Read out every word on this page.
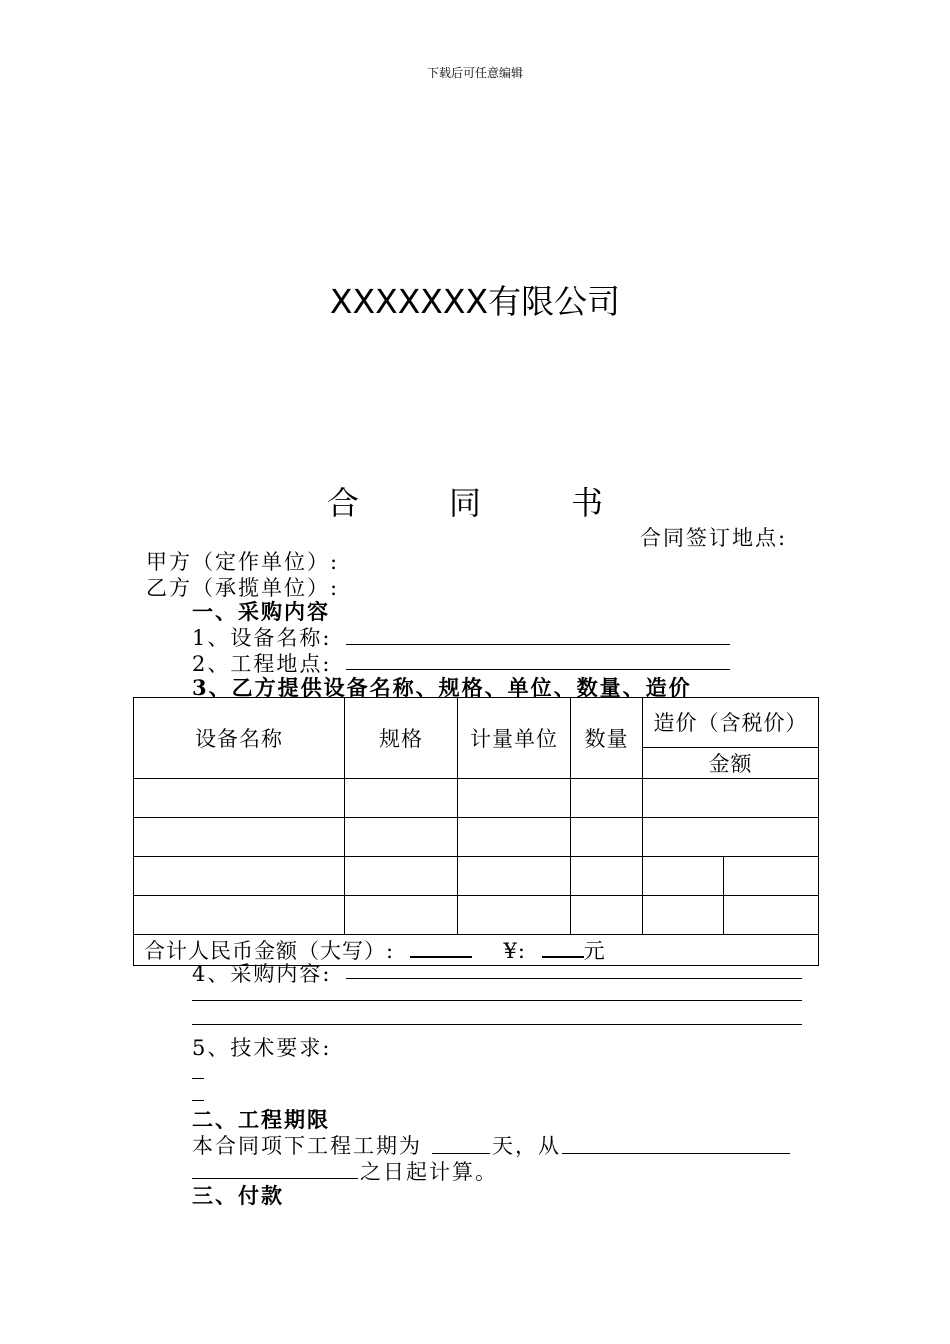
下载后可任意编辑
XXXXXXX有限公司
合 同 书
合同签订地点:
甲方（定作单位）:
乙方（承揽单位）:
一、采购内容
1、设备名称:
2、工程地点:
3、乙方提供设备名称、规格、单位、数量、造价
设备名称	规格	计量单位	数量	造价（含税价）	
				金额	

合计人民币金额（大写）: ¥: 元					
4、采购内容:
5、技术要求:
二、工程期限
本合同项下工程工期为	天，从
之日起计算。
三、付款
